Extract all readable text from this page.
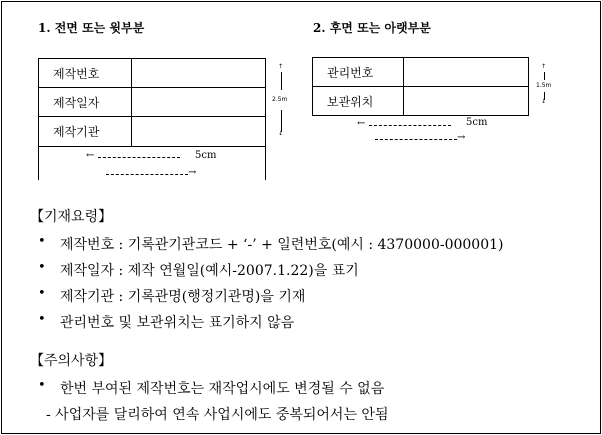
1. 전면 또는 윗부분
제작번호	
제작일자	
제작기관	
↑
2.5m
↓
←	5cm
→
2. 후면 또는 아랫부분
관리번호	
보관위치	
↑
1.5m
↓
←	5cm
→
【기재요령】
• 제작번호 : 기록관기관코드 + ‘-’ + 일련번호(예시 : 4370000-000001)
• 제작일자 : 제작 연월일(예시-2007.1.22)을 표기
• 제작기관 : 기록관명(행정기관명)을 기재
• 관리번호 및 보관위치는 표기하지 않음
【주의사항】
• 한번 부여된 제작번호는 재작업시에도 변경될 수 없음
- 사업자를 달리하여 연속 사업시에도 중복되어서는 안됨
